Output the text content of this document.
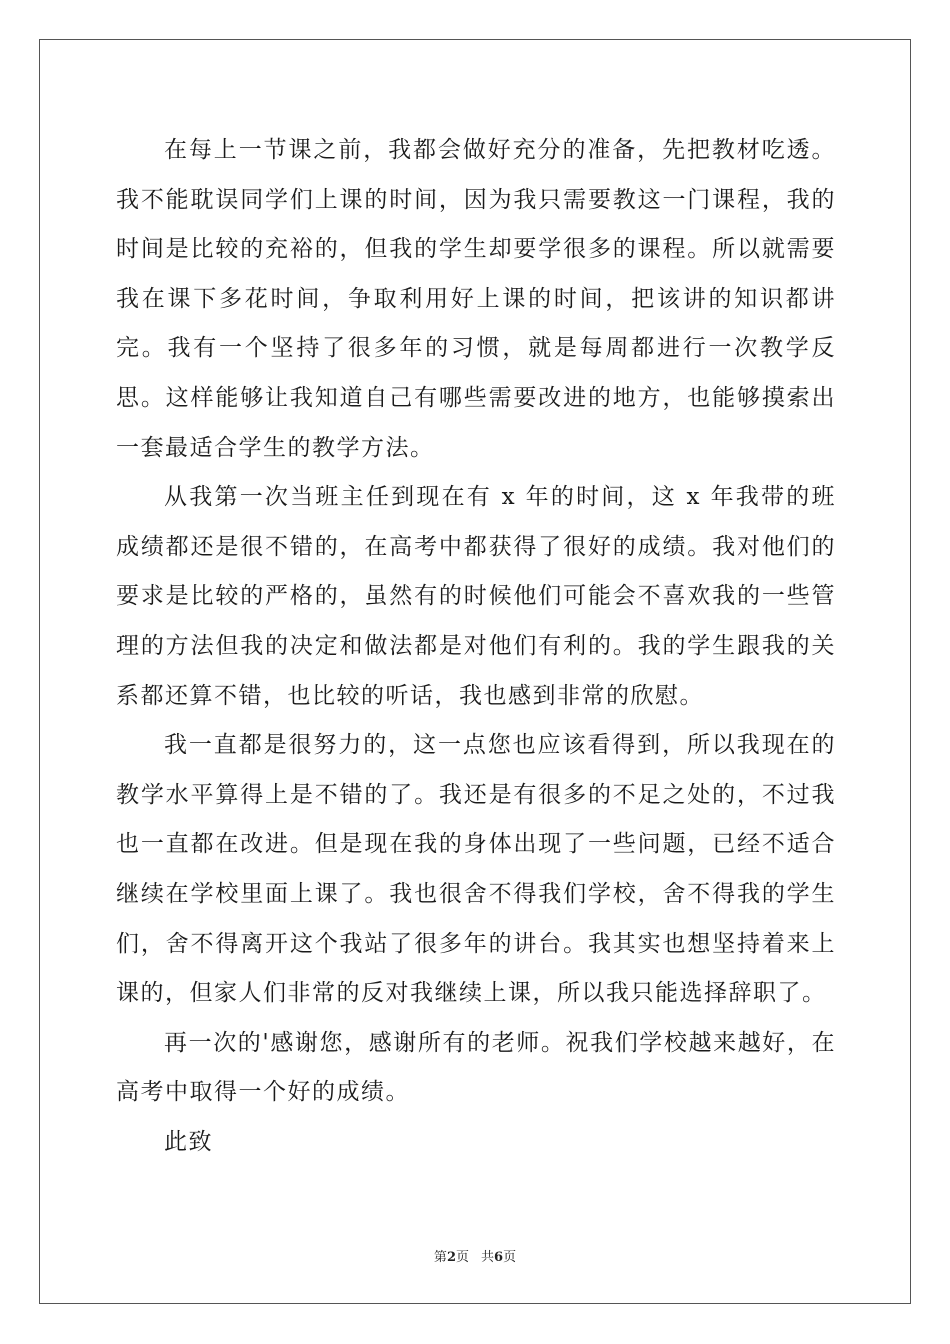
在每上一节课之前，我都会做好充分的准备，先把教材吃透。我不能耽误同学们上课的时间，因为我只需要教这一门课程，我的时间是比较的充裕的，但我的学生却要学很多的课程。所以就需要我在课下多花时间，争取利用好上课的时间，把该讲的知识都讲完。我有一个坚持了很多年的习惯，就是每周都进行一次教学反思。这样能够让我知道自己有哪些需要改进的地方，也能够摸索出一套最适合学生的教学方法。

从我第一次当班主任到现在有 x 年的时间，这 x 年我带的班成绩都还是很不错的，在高考中都获得了很好的成绩。我对他们的要求是比较的严格的，虽然有的时候他们可能会不喜欢我的一些管理的方法但我的决定和做法都是对他们有利的。我的学生跟我的关系都还算不错，也比较的听话，我也感到非常的欣慰。

我一直都是很努力的，这一点您也应该看得到，所以我现在的教学水平算得上是不错的了。我还是有很多的不足之处的，不过我也一直都在改进。但是现在我的身体出现了一些问题，已经不适合继续在学校里面上课了。我也很舍不得我们学校，舍不得我的学生们，舍不得离开这个我站了很多年的讲台。我其实也想坚持着来上课的，但家人们非常的反对我继续上课，所以我只能选择辞职了。

再一次的'感谢您，感谢所有的老师。祝我们学校越来越好，在高考中取得一个好的成绩。

此致

第2页 共6页
